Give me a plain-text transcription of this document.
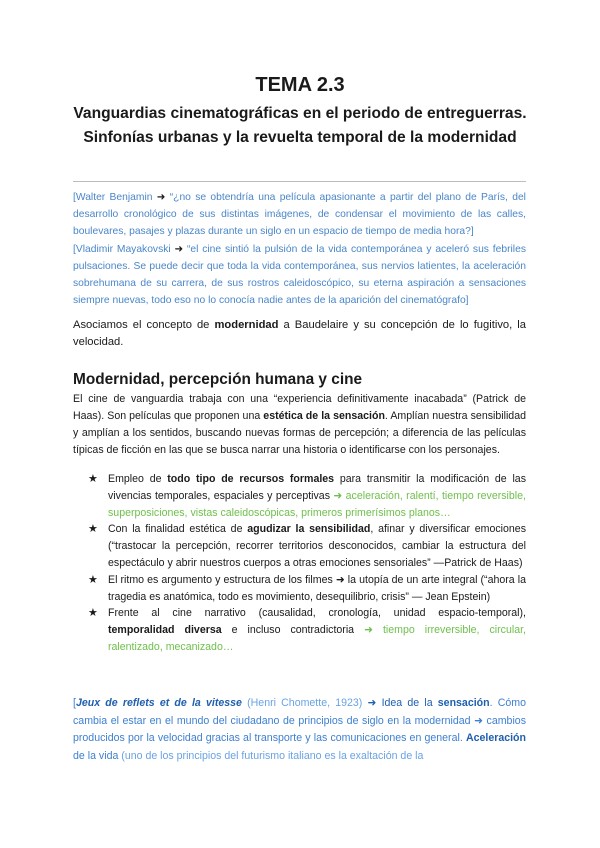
TEMA 2.3

Vanguardias cinematográficas en el periodo de entreguerras. Sinfonías urbanas y la revuelta temporal de la modernidad

[Walter Benjamin ➜ “¿no se obtendría una película apasionante a partir del plano de París, del desarrollo cronológico de sus distintas imágenes, de condensar el movimiento de las calles, boulevares, pasajes y plazas durante un siglo en un espacio de tiempo de media hora?]

[Vladimir Mayakovski ➜ “el cine sintió la pulsión de la vida contemporánea y aceleró sus febriles pulsaciones. Se puede decir que toda la vida contemporánea, sus nervios latientes, la aceleración sobrehumana de su carrera, de sus rostros caleidoscópico, su eterna aspiración a sensaciones siempre nuevas, todo eso no lo conocía nadie antes de la aparición del cinematógrafo]

Asociamos el concepto de modernidad a Baudelaire y su concepción de lo fugitivo, la velocidad.

Modernidad, percepción humana y cine

El cine de vanguardia trabaja con una “experiencia definitivamente inacabada” (Patrick de Haas). Son películas que proponen una estética de la sensación. Amplían nuestra sensibilidad y amplían a los sentidos, buscando nuevas formas de percepción; a diferencia de las películas típicas de ficción en las que se busca narrar una historia o identificarse con los personajes.

★ Empleo de todo tipo de recursos formales para transmitir la modificación de las vivencias temporales, espaciales y perceptivas ➜ aceleración, ralentí, tiempo reversible, superposiciones, vistas caleidoscópicas, primeros primerísimos planos…
★ Con la finalidad estética de agudizar la sensibilidad, afinar y diversificar emociones (“trastocar la percepción, recorrer territorios desconocidos, cambiar la estructura del espectáculo y abrir nuestros cuerpos a otras emociones sensoriales” —Patrick de Haas)
★ El ritmo es argumento y estructura de los filmes ➜ la utopía de un arte integral (“ahora la tragedia es anatómica, todo es movimiento, desequilibrio, crisis” — Jean Epstein)
★ Frente al cine narrativo (causalidad, cronología, unidad espacio-temporal), temporalidad diversa e incluso contradictoria ➜ tiempo irreversible, circular, ralentizado, mecanizado…

[Jeux de reflets et de la vitesse (Henri Chomette, 1923) ➜ Idea de la sensación. Cómo cambia el estar en el mundo del ciudadano de principios de siglo en la modernidad ➜ cambios producidos por la velocidad gracias al transporte y las comunicaciones en general. Aceleración de la vida (uno de los principios del futurismo italiano es la exaltación de la
